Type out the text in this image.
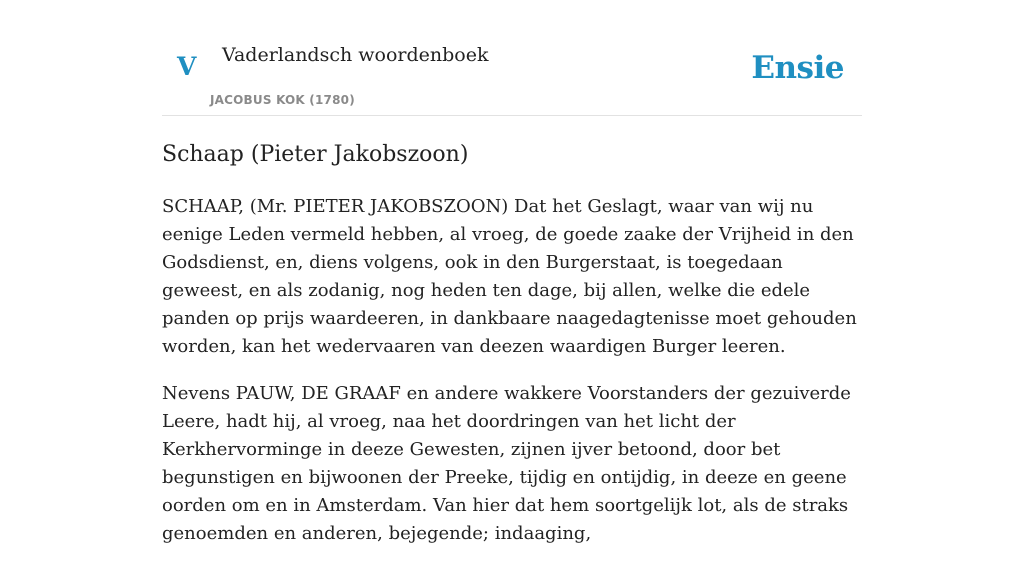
V Vaderlandsch woordenboek
JACOBUS KOK (1780)
Ensie
Schaap (Pieter Jakobszoon)

SCHAAP, (Mr. PIETER JAKOBSZOON) Dat het Geslagt, waar van wij nu eenige Leden vermeld hebben, al vroeg, de goede zaake der Vrijheid in den Godsdienst, en, diens volgens, ook in den Burgerstaat, is toegedaan geweest, en als zodanig, nog heden ten dage, bij allen, welke die edele panden op prijs waardeeren, in dankbaare naagedagtenisse moet gehouden worden, kan het wedervaaren van deezen waardigen Burger leeren.

Nevens PAUW, DE GRAAF en andere wakkere Voorstanders der gezuiverde Leere, hadt hij, al vroeg, naa het doordringen van het licht der Kerkhervorminge in deeze Gewesten, zijnen ijver betoond, door bet begunstigen en bijwoonen der Preeke, tijdig en ontijdig, in deeze en geene oorden om en in Amsterdam. Van hier dat hem soortgelijk lot, als de straks genoemden en anderen, bejegende; indaaging,
